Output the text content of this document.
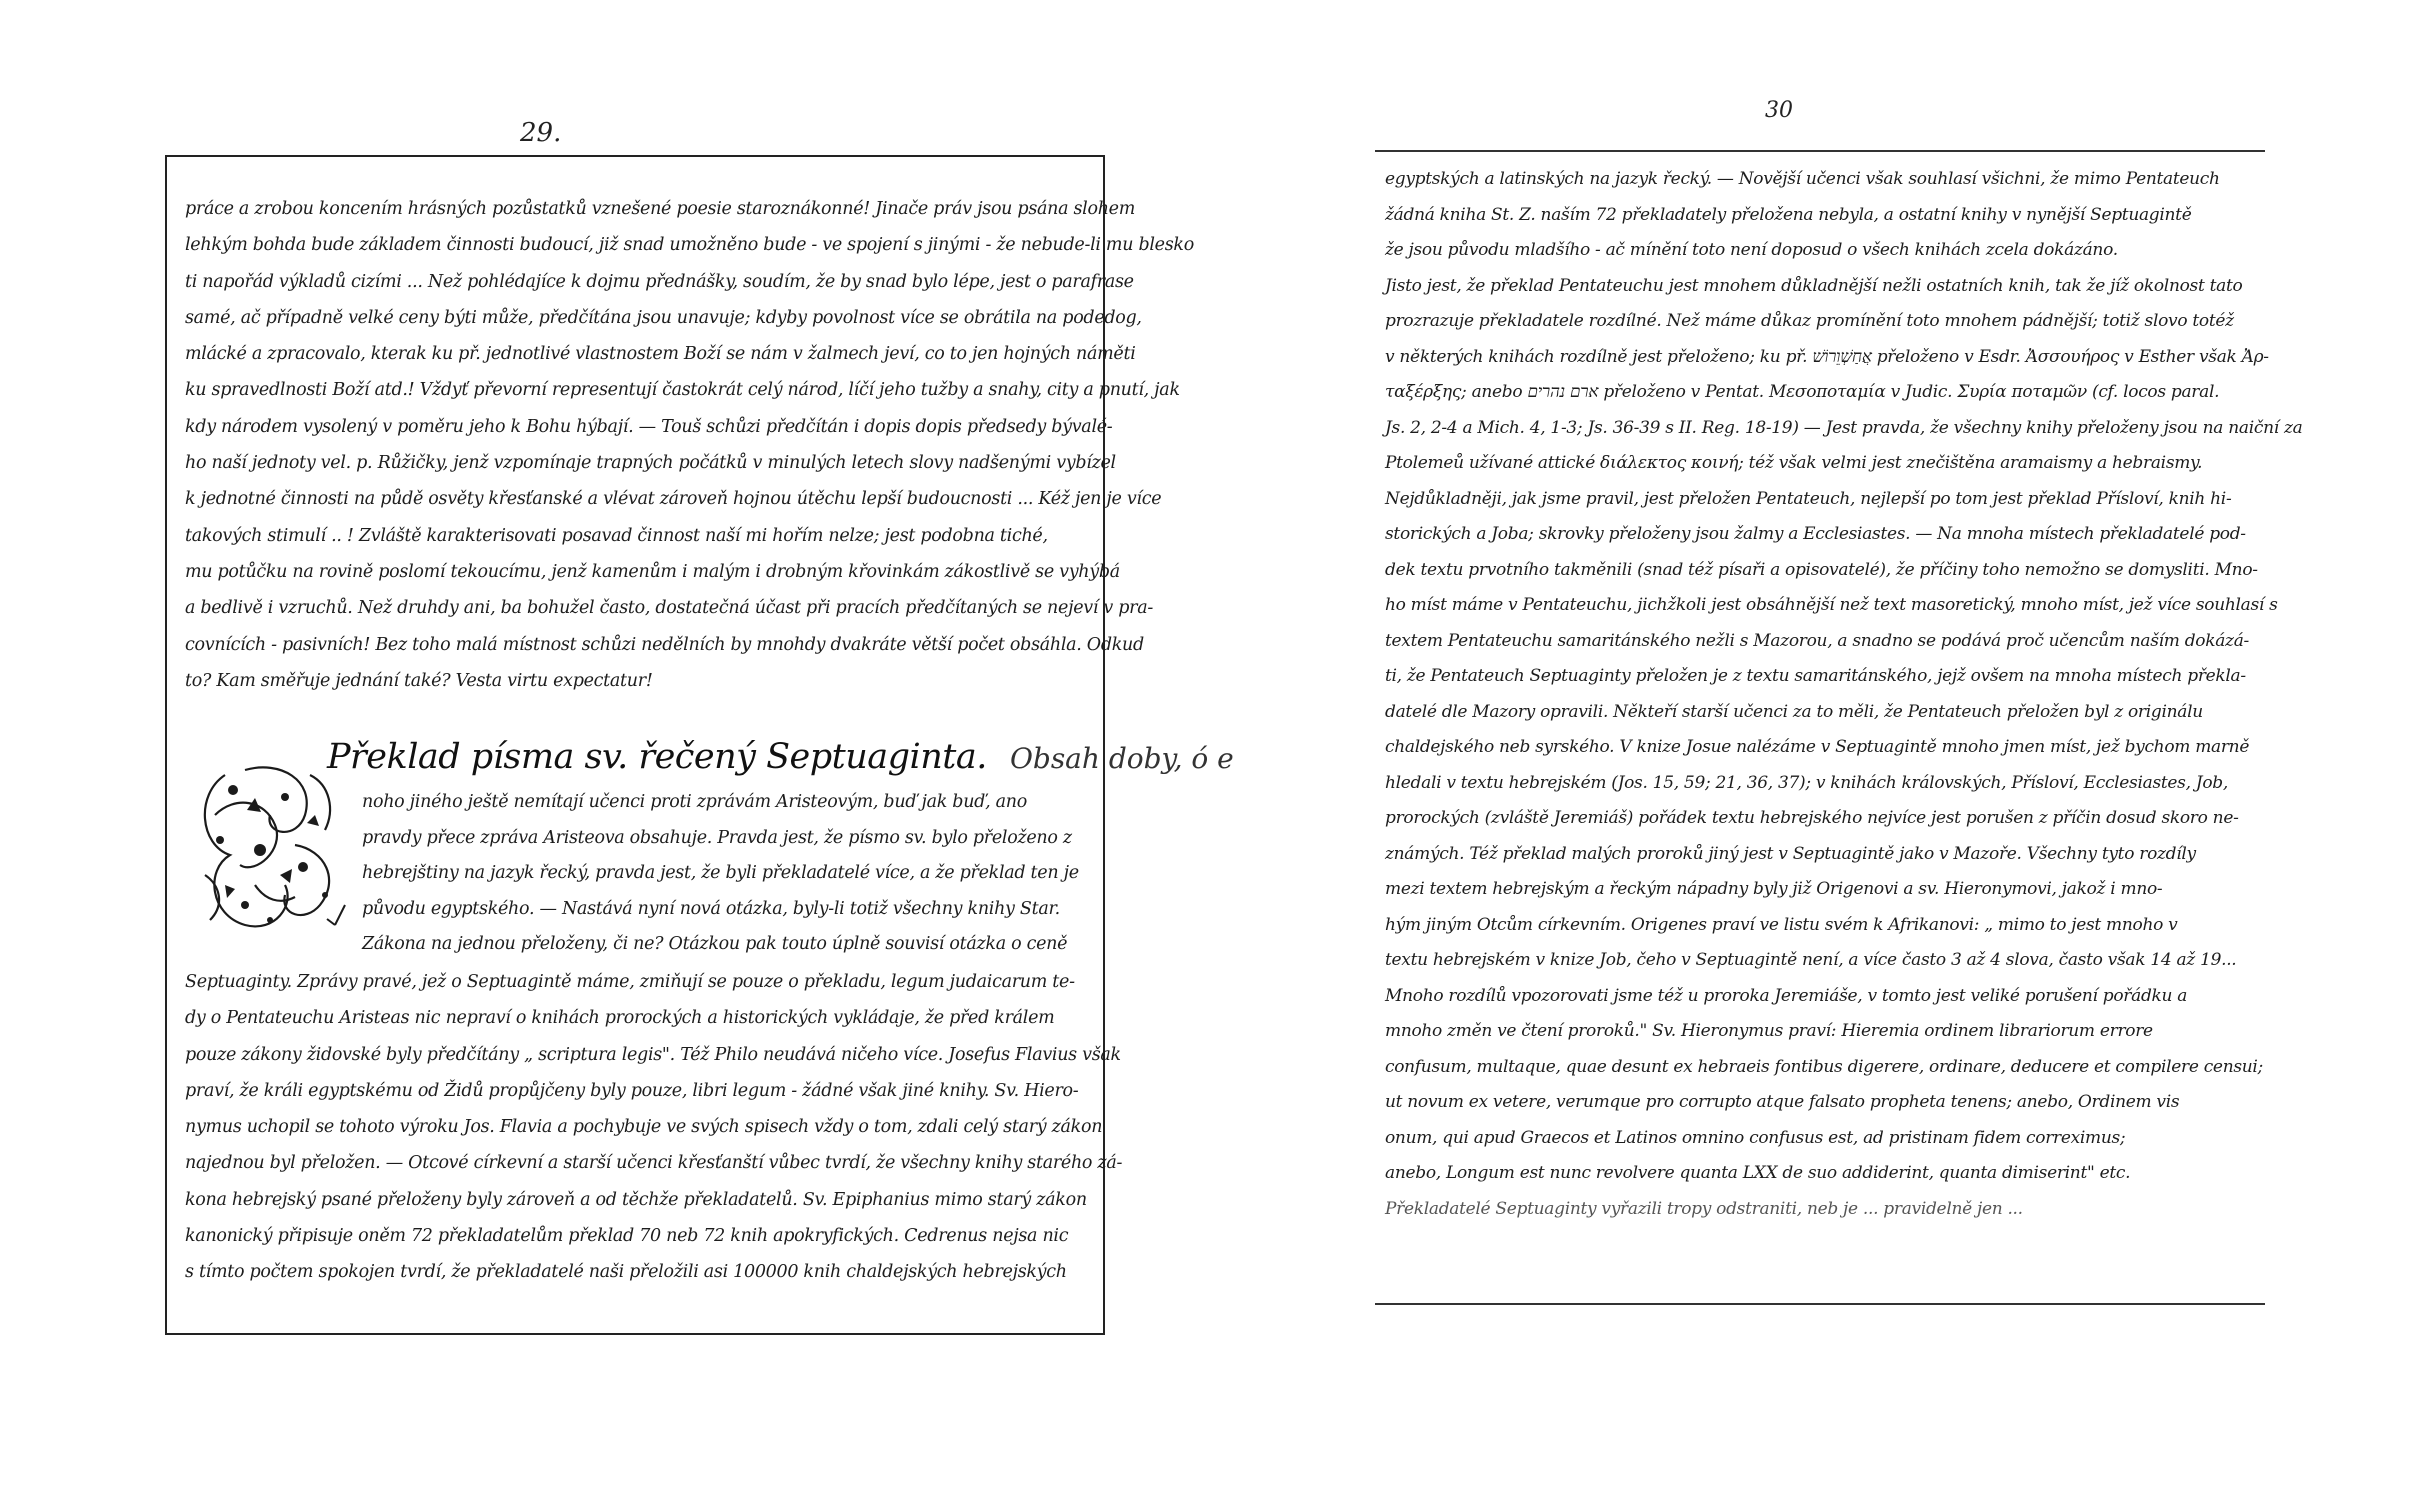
29.
práce a zrobou koncením hrásných pozůstatků vznešené poesie staroznákonné! Jinače práv jsou psána slohem
lehkým bohda bude základem činnosti budoucí, již snad umožněno bude - ve spojení s jinými - že nebude-li mu blesko
ti napořád výkladů cizími ... Než pohlédajíce k dojmu přednášky, soudím, že by snad bylo lépe, jest o parafrase
samé, ač případně velké ceny býti může, předčítána jsou unavuje; kdyby povolnost více se obrátila na podedog,
mlácké a zpracovalo, kterak ku př. jednotlivé vlastnostem Boží se nám v žalmech jeví, co to jen hojných náměti
ku spravedlnosti Boží atd.! Vždyť převorní representují častokrát celý národ, líčí jeho tužby a snahy, city a pnutí, jak
kdy národem vysolený v poměru jeho k Bohu hýbají. — Touš schůzi předčítán i dopis dopis předsedy bývalé-
ho naší jednoty vel. p. Růžičky, jenž vzpomínaje trapných počátků v minulých letech slovy nadšenými vybízel
k jednotné činnosti na půdě osvěty křesťanské a vlévat zároveň hojnou útěchu lepší budoucnosti ... Kéž jen je více
takových stimulí .. ! Zvláště karakterisovati posavad činnost naší mi hořím nelze; jest podobna tiché,
mu potůčku na rovině poslomí tekoucímu, jenž kamenům i malým i drobným křovinkám zákostlivě se vyhýbá
a bedlivě i vzruchů. Než druhdy ani, ba bohužel často, dostatečná účast při pracích předčítaných se nejeví v pra-
covnících - pasivních! Bez toho malá místnost schůzi nedělních by mnohdy dvakráte větší počet obsáhla. Odkud
to? Kam směřuje jednání také? Vesta virtu expectatur!
Překlad písma sv. řečený Septuaginta. Obsah doby, ó e
noho jiného ještě nemítají učenci proti zprávám Aristeovým, buď jak buď, ano
pravdy přece zpráva Aristeova obsahuje. Pravda jest, že písmo sv. bylo přeloženo z
hebrejštiny na jazyk řecký, pravda jest, že byli překladatelé více, a že překlad ten je
původu egyptského. — Nastává nyní nová otázka, byly-li totiž všechny knihy Star.
Zákona na jednou přeloženy, či ne? Otázkou pak touto úplně souvisí otázka o ceně
Septuaginty. Zprávy pravé, jež o Septuagintě máme, zmiňují se pouze o překladu, legum judaicarum te-
dy o Pentateuchu Aristeas nic nepraví o knihách prorockých a historických vykládaje, že před králem
pouze zákony židovské byly předčítány „ scriptura legis". Též Philo neudává ničeho více. Josefus Flavius však
praví, že králi egyptskému od Židů propůjčeny byly pouze, libri legum - žádné však jiné knihy. Sv. Hiero-
nymus uchopil se tohoto výroku Jos. Flavia a pochybuje ve svých spisech vždy o tom, zdali celý starý zákon
najednou byl přeložen. — Otcové církevní a starší učenci křesťanští vůbec tvrdí, že všechny knihy starého zá-
kona hebrejský psané přeloženy byly zároveň a od těchže překladatelů. Sv. Epiphanius mimo starý zákon
kanonický připisuje oněm 72 překladatelům překlad 70 neb 72 knih apokryfických. Cedrenus nejsa nic
s tímto počtem spokojen tvrdí, že překladatelé naši přeložili asi 100000 knih chaldejských hebrejských
30
egyptských a latinských na jazyk řecký. — Novější učenci však souhlasí všichni, že mimo Pentateuch
žádná kniha St. Z. naším 72 překladately přeložena nebyla, a ostatní knihy v nynější Septuagintě
že jsou původu mladšího - ač mínění toto není doposud o všech knihách zcela dokázáno.
Jisto jest, že překlad Pentateuchu jest mnohem důkladnější nežli ostatních knih, tak že jíž okolnost tato
prozrazuje překladatele rozdílné. Než máme důkaz promínění toto mnohem pádnější; totiž slovo totéž
v některých knihách rozdílně jest přeloženo; ku př. אֲחַשְׁוֵרוֹשׁ přeloženo v Esdr. Ἀσσουήρος v Esther však Ἀρ-
ταξέρξης; anebo ארם נהרים přeloženo v Pentat. Μεσοποταμία v Judic. Συρία ποταμῶν (cf. locos paral.
Js. 2, 2-4 a Mich. 4, 1-3; Js. 36-39 s II. Reg. 18-19) — Jest pravda, že všechny knihy přeloženy jsou na naiční za
Ptolemeů užívané attické διάλεκτος κοινή; též však velmi jest znečištěna aramaismy a hebraismy.
Nejdůkladněji, jak jsme pravil, jest přeložen Pentateuch, nejlepší po tom jest překlad Přísloví, knih hi-
storických a Joba; skrovky přeloženy jsou žalmy a Ecclesiastes. — Na mnoha místech překladatelé pod-
dek textu prvotního takměnili (snad též písaři a opisovatelé), že příčiny toho nemožno se domysliti. Mno-
ho míst máme v Pentateuchu, jichžkoli jest obsáhnější než text masoretický, mnoho míst, jež více souhlasí s
textem Pentateuchu samaritánského nežli s Mazorou, a snadno se podává proč učencům naším dokázá-
ti, že Pentateuch Septuaginty přeložen je z textu samaritánského, jejž ovšem na mnoha místech překla-
datelé dle Mazory opravili. Někteří starší učenci za to měli, že Pentateuch přeložen byl z originálu
chaldejského neb syrského. V knize Josue nalézáme v Septuagintě mnoho jmen míst, jež bychom marně
hledali v textu hebrejském (Jos. 15, 59; 21, 36, 37); v knihách královských, Přísloví, Ecclesiastes, Job,
prorockých (zvláště Jeremiáš) pořádek textu hebrejského nejvíce jest porušen z příčin dosud skoro ne-
známých. Též překlad malých proroků jiný jest v Septuagintě jako v Mazoře. Všechny tyto rozdíly
mezi textem hebrejským a řeckým nápadny byly již Origenovi a sv. Hieronymovi, jakož i mno-
hým jiným Otcům církevním. Origenes praví ve listu svém k Afrikanovi: „ mimo to jest mnoho v
textu hebrejském v knize Job, čeho v Septuagintě není, a více často 3 až 4 slova, často však 14 až 19...
Mnoho rozdílů vpozorovati jsme též u proroka Jeremiáše, v tomto jest veliké porušení pořádku a
mnoho změn ve čtení proroků." Sv. Hieronymus praví: Hieremia ordinem librariorum errore
confusum, multaque, quae desunt ex hebraeis fontibus digerere, ordinare, deducere et compilere censui;
ut novum ex vetere, verumque pro corrupto atque falsato propheta tenens; anebo, Ordinem vis
onum, qui apud Graecos et Latinos omnino confusus est, ad pristinam fidem correximus;
anebo, Longum est nunc revolvere quanta LXX de suo addiderint, quanta dimiserint" etc.
Překladatelé Septuaginty vyřazili tropy odstraniti, neb je ... pravidelně jen ...
